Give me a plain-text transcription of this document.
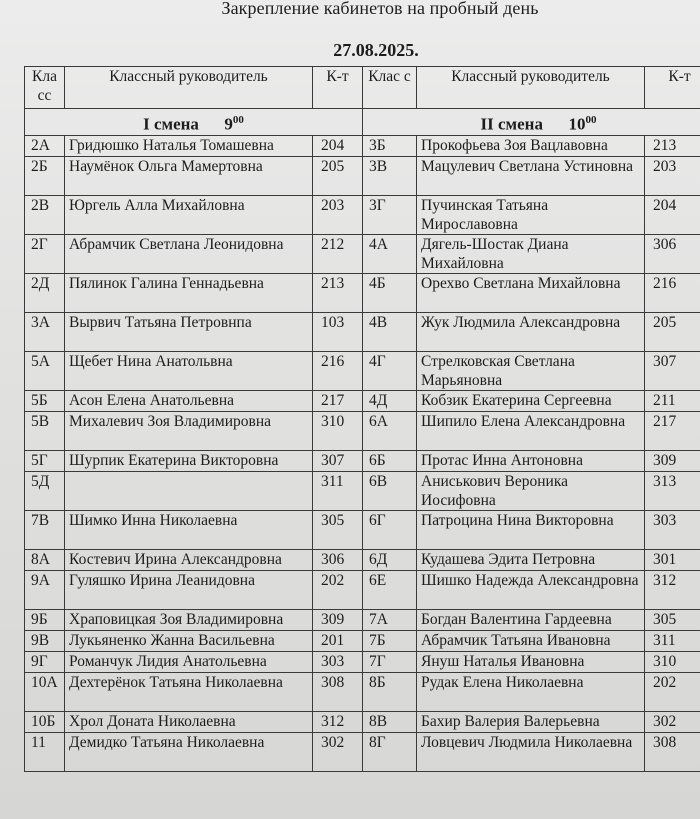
Закрепление кабинетов на пробный день
27.08.2025.
Кла сс	Классный руководитель	К-т	Клас с	Классный руководитель	К-т
I смена $9^{00}$			II смена $10^{00}$
2А	Гридюшко Наталья Томашевна	204	3Б	Прокофьева Зоя Вацлавовна	213
2Б	Наумёнок Ольга Мамертовна	205	3В	Мацулевич Светлана Устиновна	203
2В	Юргель Алла Михайловна	203	3Г	Пучинская Татьяна Мирославовна	204
2Г	Абрамчик Светлана Леонидовна	212	4А	Дягель-Шостак Диана Михайловна	306
2Д	Пялинок Галина Геннадьевна	213	4Б	Орехво Светлана Михайловна	216
3А	Вырвич Татьяна Петровнпа	103	4В	Жук Людмила Александровна	205
5А	Щебет Нина Анатольвна	216	4Г	Стрелковская Светлана Марьяновна	307
5Б	Асон Елена Анатольевна	217	4Д	Кобзик Екатерина Сергеевна	211
5В	Михалевич Зоя Владимировна	310	6А	Шипило Елена Александровна	217
5Г	Шурпик Екатерина Викторовна	307	6Б	Протас Инна Антоновна	309
5Д		311	6В	Аниськович Вероника Иосифовна	313
7В	Шимко Инна Николаевна	305	6Г	Патроцина Нина Викторовна	303
8А	Костевич Ирина Александровна	306	6Д	Кудашева Эдита Петровна	301
9А	Гуляшко Ирина Леанидовна	202	6Е	Шишко Надежда Александровна	312
9Б	Храповицкая Зоя Владимировна	309	7А	Богдан Валентина Гардеевна	305
9В	Лукьяненко Жанна Васильевна	201	7Б	Абрамчик Татьяна Ивановна	311
9Г	Романчук Лидия Анатольевна	303	7Г	Януш Наталья Ивановна	310
10А	Дехтерёнок Татьяна Николаевна	308	8Б	Рудак Елена Николаевна	202
10Б	Хрол Доната Николаевна	312	8В	Бахир Валерия Валерьевна	302
11	Демидко Татьяна Николаевна	302	8Г	Ловцевич Людмила Николаевна	308
